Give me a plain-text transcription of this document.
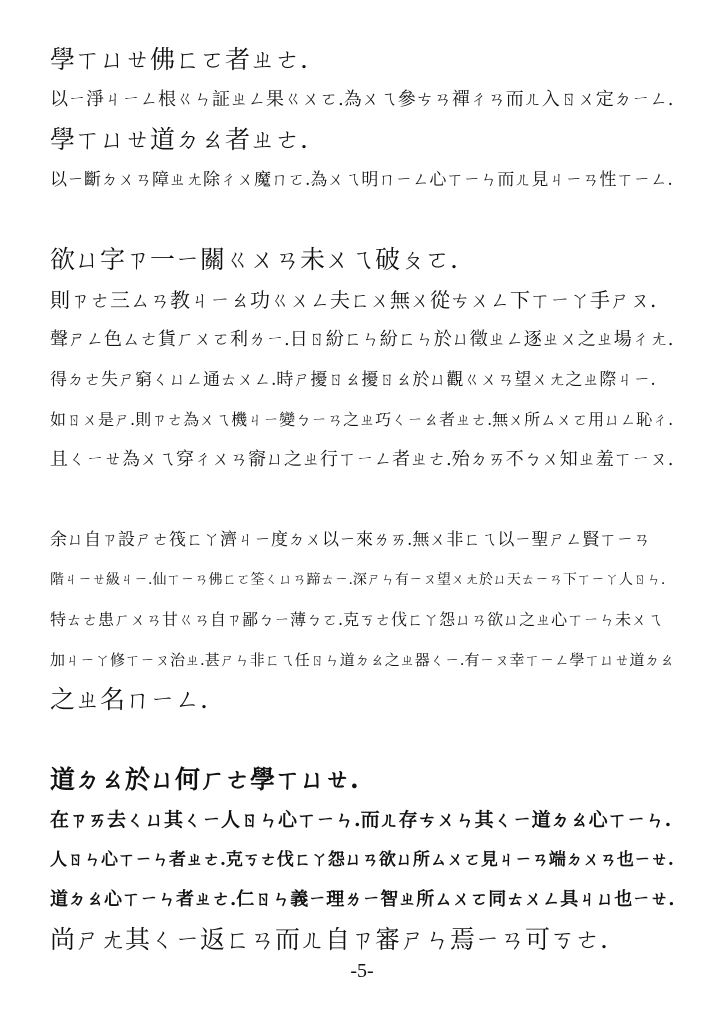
學ㄒㄩㄝ佛ㄈㄛ者ㄓㄜ.
以ㄧ淨ㄐㄧㄥ根ㄍㄣ証ㄓㄥ果ㄍㄨㄛ.為ㄨㄟ參ㄘㄢ禪ㄔㄢ而ㄦ入ㄖㄨ定ㄉㄧㄥ.
學ㄒㄩㄝ道ㄉㄠ者ㄓㄜ.
以ㄧ斷ㄉㄨㄢ障ㄓㄤ除ㄔㄨ魔ㄇㄛ.為ㄨㄟ明ㄇㄧㄥ心ㄒㄧㄣ而ㄦ見ㄐㄧㄢ性ㄒㄧㄥ.
欲ㄩ字ㄗ一ㄧ關ㄍㄨㄢ未ㄨㄟ破ㄆㄛ.
則ㄗㄜ三ㄙㄢ教ㄐㄧㄠ功ㄍㄨㄥ夫ㄈㄨ無ㄨ從ㄘㄨㄥ下ㄒㄧㄚ手ㄕㄡ.
聲ㄕㄥ色ㄙㄜ貨ㄏㄨㄛ利ㄌㄧ.日ㄖ紛ㄈㄣ紛ㄈㄣ於ㄩ徵ㄓㄥ逐ㄓㄨ之ㄓ場ㄔㄤ.
得ㄉㄜ失ㄕ窮ㄑㄩㄥ通ㄊㄨㄥ.時ㄕ擾ㄖㄠ擾ㄖㄠ於ㄩ觀ㄍㄨㄢ望ㄨㄤ之ㄓ際ㄐㄧ.
如ㄖㄨ是ㄕ.則ㄗㄜ為ㄨㄟ機ㄐㄧ變ㄅㄧㄢ之ㄓ巧ㄑㄧㄠ者ㄓㄜ.無ㄨ所ㄙㄨㄛ用ㄩㄥ恥ㄔ.
且ㄑㄧㄝ為ㄨㄟ穿ㄔㄨㄢ窬ㄩ之ㄓ行ㄒㄧㄥ者ㄓㄜ.殆ㄉㄞ不ㄅㄨ知ㄓ羞ㄒㄧㄡ.
余ㄩ自ㄗ設ㄕㄜ筏ㄈㄚ濟ㄐㄧ度ㄉㄨ以ㄧ來ㄌㄞ.無ㄨ非ㄈㄟ以ㄧ聖ㄕㄥ賢ㄒㄧㄢ
階ㄐㄧㄝ級ㄐㄧ.仙ㄒㄧㄢ佛ㄈㄛ筌ㄑㄩㄢ蹄ㄊㄧ.深ㄕㄣ有ㄧㄡ望ㄨㄤ於ㄩ天ㄊㄧㄢ下ㄒㄧㄚ人ㄖㄣ.
特ㄊㄜ患ㄏㄨㄢ甘ㄍㄢ自ㄗ鄙ㄅㄧ薄ㄅㄛ.克ㄎㄜ伐ㄈㄚ怨ㄩㄢ欲ㄩ之ㄓ心ㄒㄧㄣ未ㄨㄟ
加ㄐㄧㄚ修ㄒㄧㄡ治ㄓ.甚ㄕㄣ非ㄈㄟ任ㄖㄣ道ㄉㄠ之ㄓ器ㄑㄧ.有ㄧㄡ幸ㄒㄧㄥ學ㄒㄩㄝ道ㄉㄠ
之ㄓ名ㄇㄧㄥ.
道ㄉㄠ於ㄩ何ㄏㄜ學ㄒㄩㄝ.
在ㄗㄞ去ㄑㄩ其ㄑㄧ人ㄖㄣ心ㄒㄧㄣ.而ㄦ存ㄘㄨㄣ其ㄑㄧ道ㄉㄠ心ㄒㄧㄣ.
人ㄖㄣ心ㄒㄧㄣ者ㄓㄜ.克ㄎㄜ伐ㄈㄚ怨ㄩㄢ欲ㄩ所ㄙㄨㄛ見ㄐㄧㄢ端ㄉㄨㄢ也ㄧㄝ.
道ㄉㄠ心ㄒㄧㄣ者ㄓㄜ.仁ㄖㄣ義ㄧ理ㄌㄧ智ㄓ所ㄙㄨㄛ同ㄊㄨㄥ具ㄐㄩ也ㄧㄝ.
尚ㄕㄤ其ㄑㄧ返ㄈㄢ而ㄦ自ㄗ審ㄕㄣ焉ㄧㄢ可ㄎㄜ.
-5-
